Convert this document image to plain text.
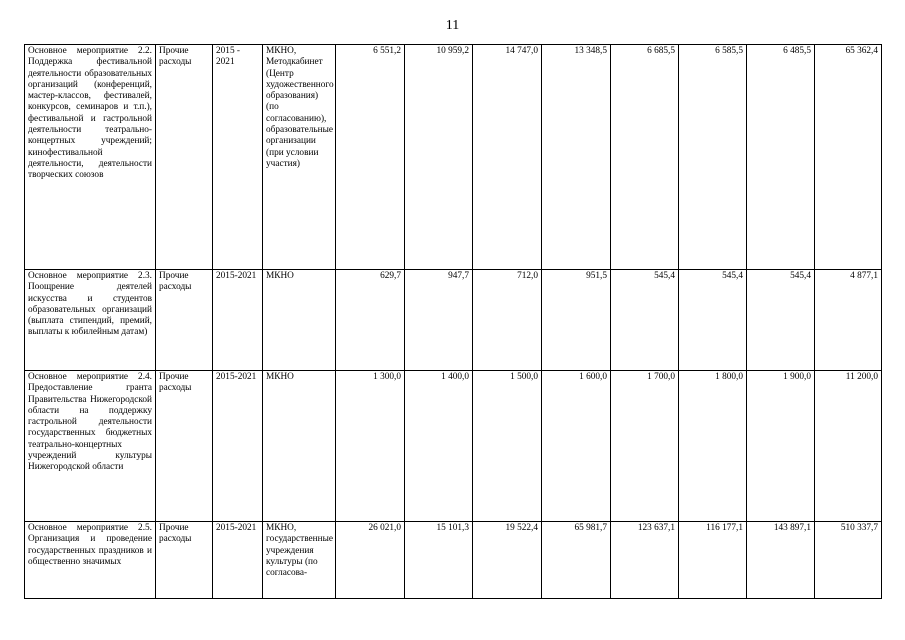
11
Основное мероприятие 2.2. Поддержка фестивальной деятельности образовательных организаций (конференций, мастер-классов, фестивалей, конкурсов, семинаров и т.п.), фестивальной и гастрольной деятельности театрально-концертных учреждений; кинофестивальной деятельности, деятельности творческих союзов	Прочие расходы	2015 - 2021	МКНО, Методкабинет (Центр художественного образования) (по согласованию), образовательные организации (при условии участия)	6 551,2	10 959,2	14 747,0	13 348,5	6 685,5	6 585,5	6 485,5	65 362,4
Основное мероприятие 2.3. Поощрение деятелей искусства и студентов образовательных организаций (выплата стипендий, премий, выплаты к юбилейным датам)	Прочие расходы	2015-2021	МКНО	629,7	947,7	712,0	951,5	545,4	545,4	545,4	4 877,1
Основное мероприятие 2.4. Предоставление гранта Правительства Нижегородской области на поддержку гастрольной деятельности государственных бюджетных театрально-концертных учреждений культуры Нижегородской области	Прочие расходы	2015-2021	МКНО	1 300,0	1 400,0	1 500,0	1 600,0	1 700,0	1 800,0	1 900,0	11 200,0
Основное мероприятие 2.5. Организация и проведение государственных праздников и общественно значимых	Прочие расходы	2015-2021	МКНО, государственные учреждения культуры (по согласова-	26 021,0	15 101,3	19 522,4	65 981,7	123 637,1	116 177,1	143 897,1	510 337,7
